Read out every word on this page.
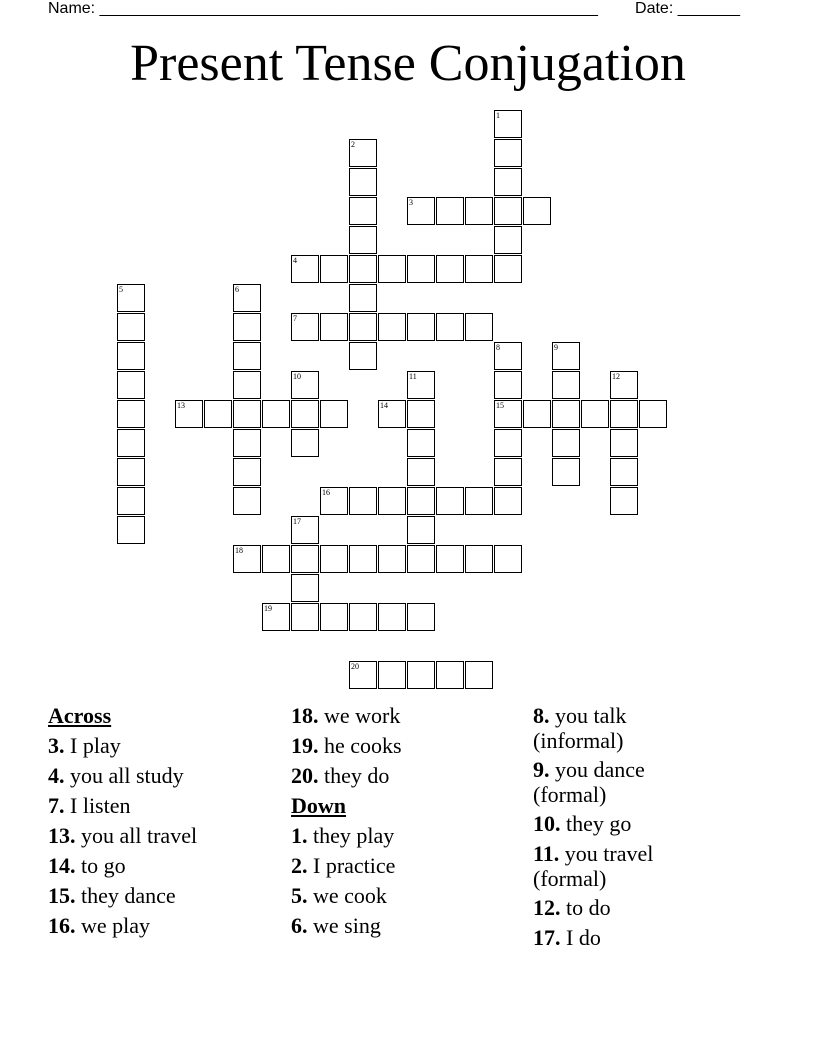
Name: ________________________________________________________ Date: _______
Present Tense Conjugation
1
2
3
4
5	6
7
8
15
9
10	11	12
13	14
16
17
18
19
20
Across
3. I play
4. you all study
7. I listen
13. you all travel
14. to go
15. they dance
16. we play
18. we work
19. he cooks
20. they do
Down
1. they play
2. I practice
5. we cook
6. we sing
8. you talk (informal)
9. you dance (formal)
10. they go
11. you travel (formal)
12. to do
17. I do
